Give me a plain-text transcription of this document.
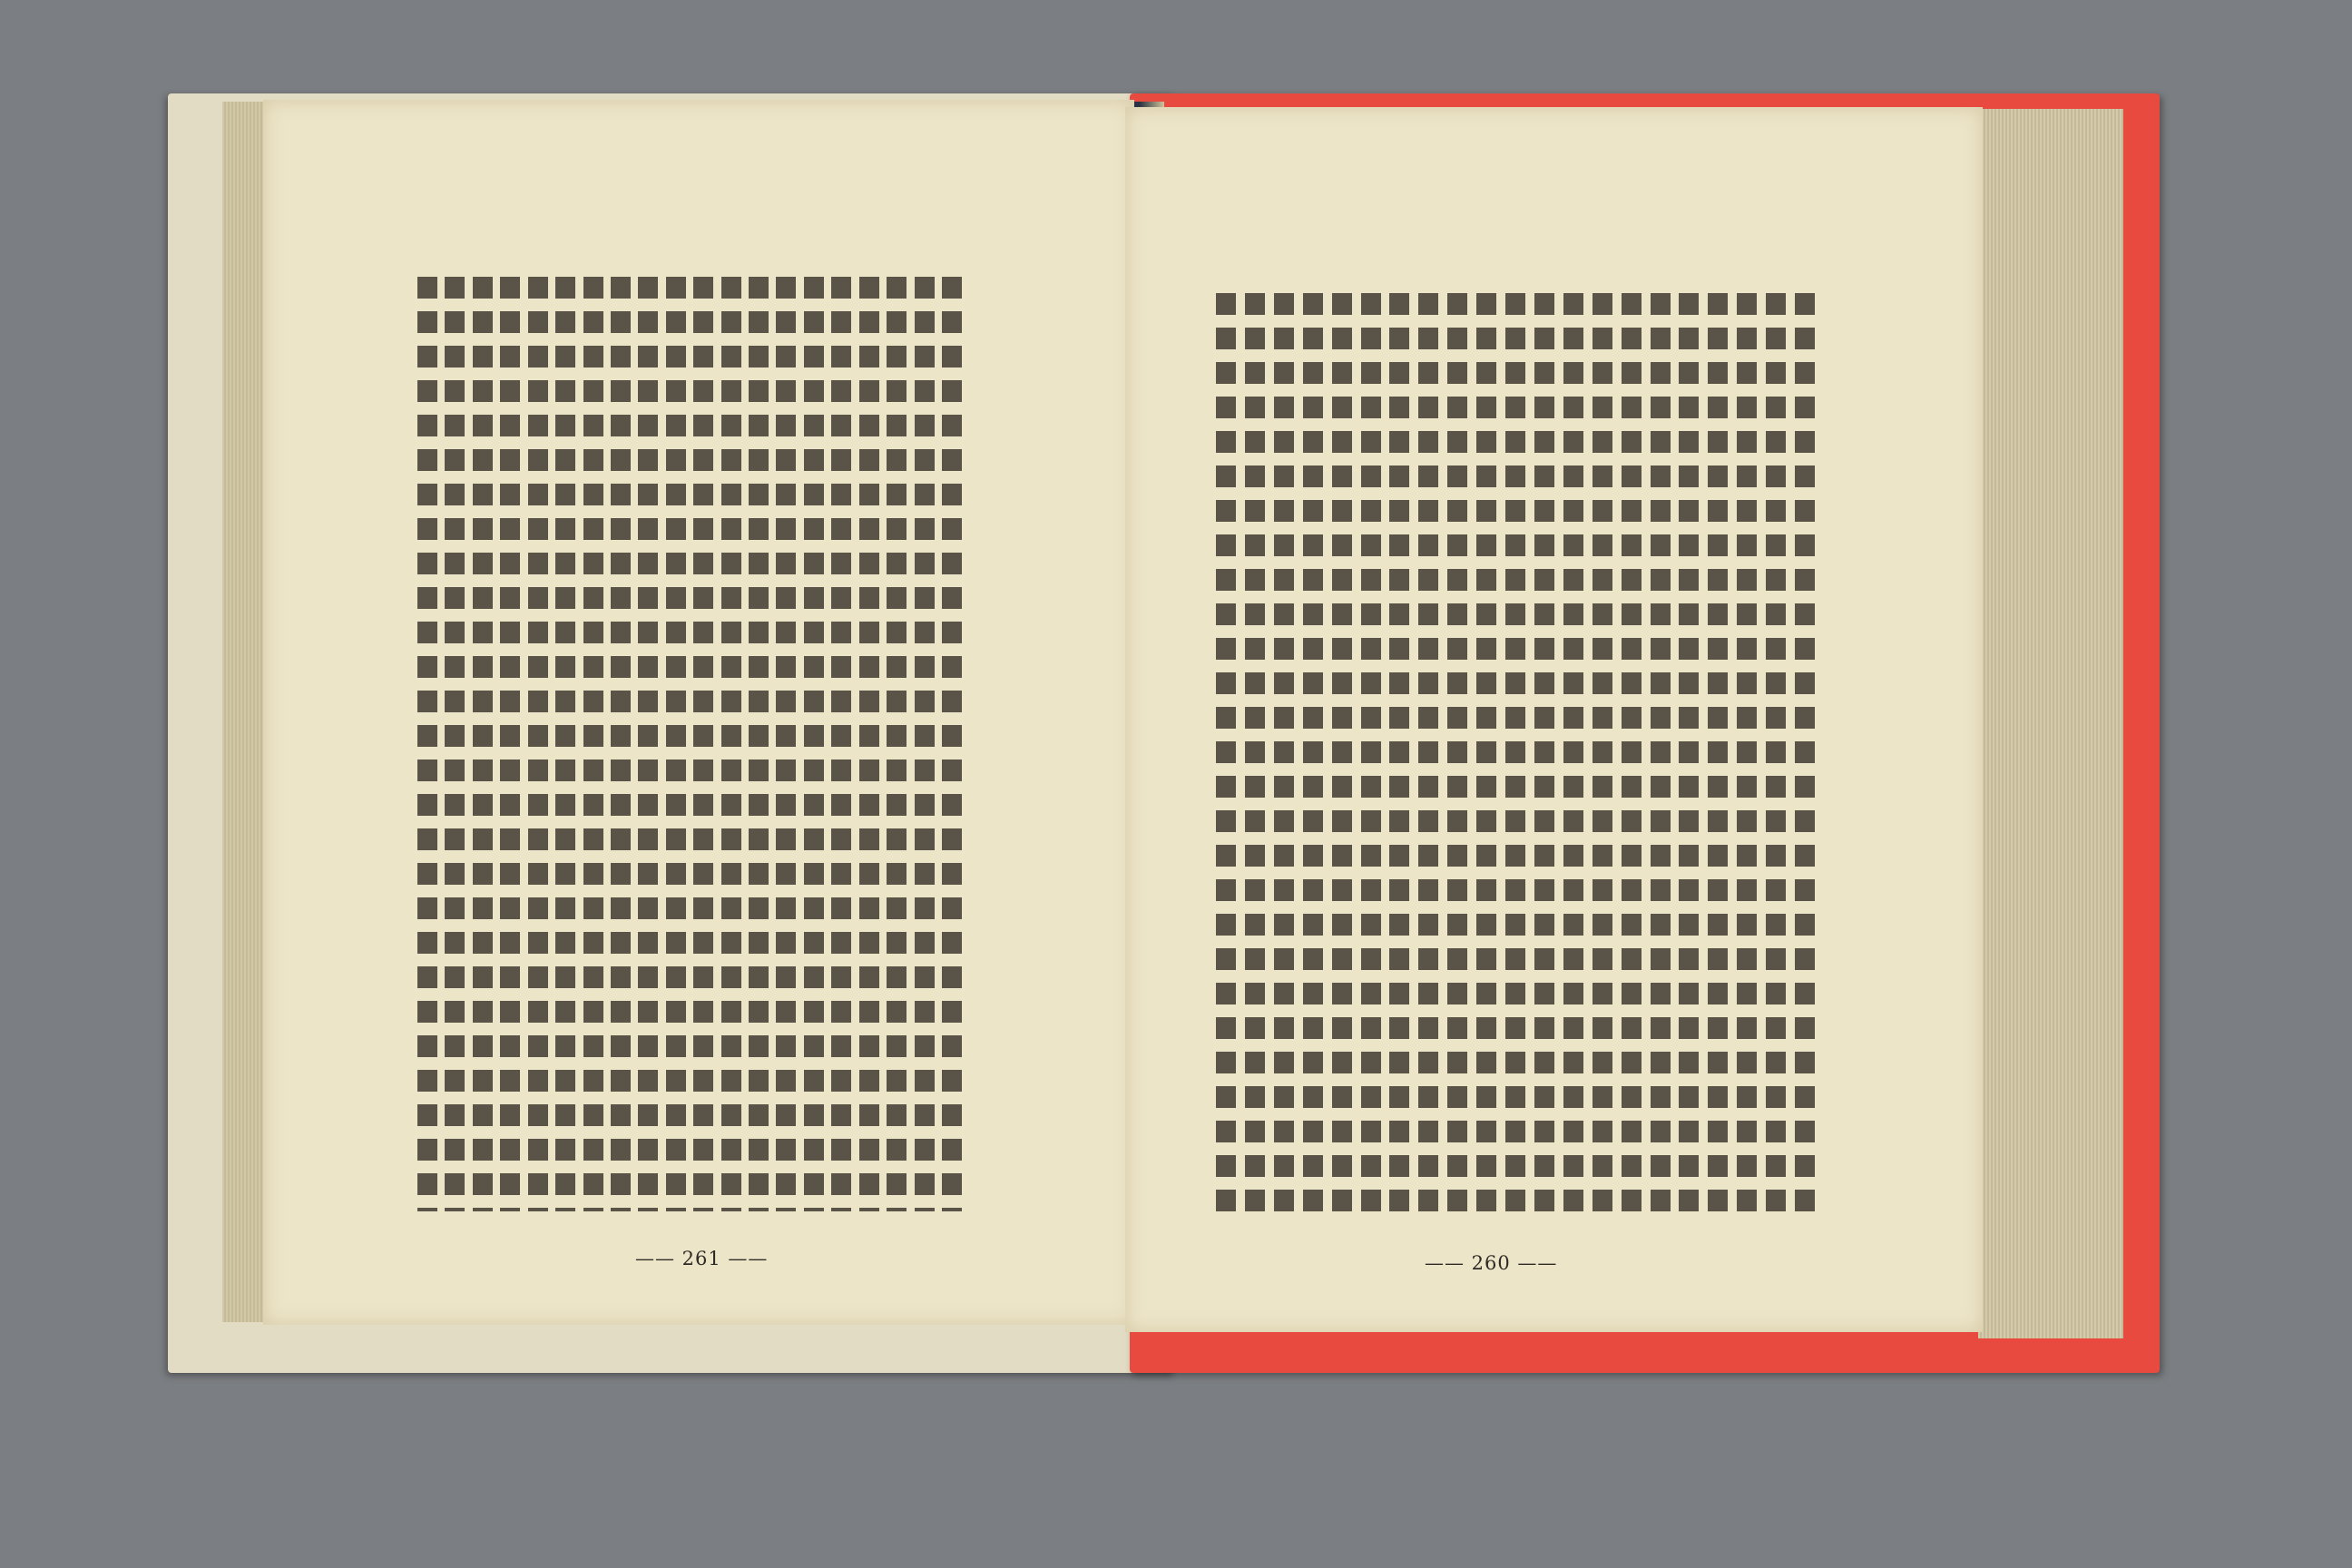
—— 261 ——	—— 260 ——
